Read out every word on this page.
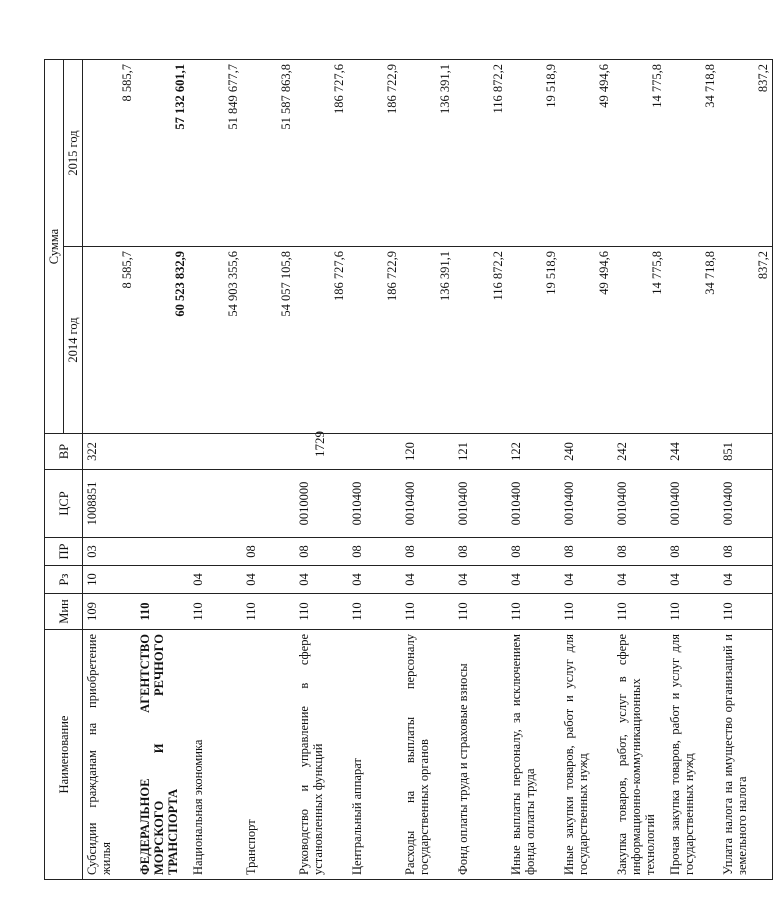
1729
Наименование	Мин	Рз	ПР	ЦСР	ВР	Сумма	
						2014 год	2015 год
Субсидии гражданам на приобретение жилья	109	10	03	1008851	322	8 585,7	8 585,7
ФЕДЕРАЛЬНОЕ АГЕНТСТВО МОРСКОГО И РЕЧНОГО ТРАНСПОРТА	110					60 523 832,9	57 132 601,1
Национальная экономика	110	04				54 903 355,6	51 849 677,7
Транспорт	110	04	08			54 057 105,8	51 587 863,8
Руководство и управление в сфере установленных функций	110	04	08	0010000		186 727,6	186 727,6
Центральный аппарат	110	04	08	0010400		186 722,9	186 722,9
Расходы на выплаты персоналу государственных органов	110	04	08	0010400	120	136 391,1	136 391,1
Фонд оплаты труда и страховые взносы	110	04	08	0010400	121	116 872,2	116 872,2
Иные выплаты персоналу, за исключением фонда оплаты труда	110	04	08	0010400	122	19 518,9	19 518,9
Иные закупки товаров, работ и услуг для государственных нужд	110	04	08	0010400	240	49 494,6	49 494,6
Закупка товаров, работ, услуг в сфере информационно-коммуникационных технологий	110	04	08	0010400	242	14 775,8	14 775,8
Прочая закупка товаров, работ и услуг для государственных нужд	110	04	08	0010400	244	34 718,8	34 718,8
Уплата налога на имущество организаций и земельного налога	110	04	08	0010400	851	837,2	837,2
